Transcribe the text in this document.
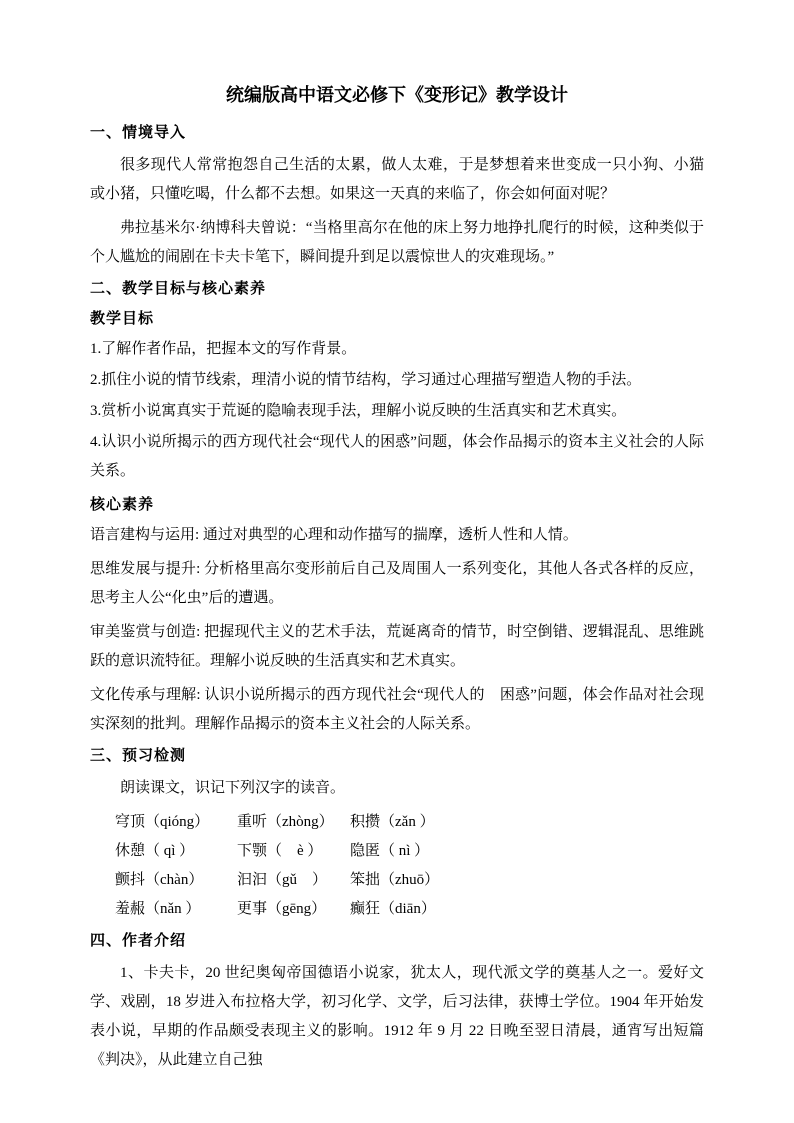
统编版高中语文必修下《变形记》教学设计
一、情境导入

很多现代人常常抱怨自己生活的太累，做人太难，于是梦想着来世变成一只小狗、小猫或小猪，只懂吃喝，什么都不去想。如果这一天真的来临了，你会如何面对呢？

弗拉基米尔·纳博科夫曾说：“当格里高尔在他的床上努力地挣扎爬行的时候，这种类似于个人尴尬的闹剧在卡夫卡笔下，瞬间提升到足以震惊世人的灾难现场。”

二、教学目标与核心素养
教学目标

1.了解作者作品，把握本文的写作背景。

2.抓住小说的情节线索，理清小说的情节结构，学习通过心理描写塑造人物的手法。

3.赏析小说寓真实于荒诞的隐喻表现手法，理解小说反映的生活真实和艺术真实。

4.认识小说所揭示的西方现代社会“现代人的困惑”问题，体会作品揭示的资本主义社会的人际关系。

核心素养

语言建构与运用: 通过对典型的心理和动作描写的揣摩，透析人性和人情。

思维发展与提升: 分析格里高尔变形前后自己及周围人一系列变化，其他人各式各样的反应，思考主人公“化虫”后的遭遇。

审美鉴赏与创造: 把握现代主义的艺术手法，荒诞离奇的情节，时空倒错、逻辑混乱、思维跳跃的意识流特征。理解小说反映的生活真实和艺术真实。

文化传承与理解: 认识小说所揭示的西方现代社会“现代人的　困惑”问题，体会作品对社会现实深刻的批判。理解作品揭示的资本主义社会的人际关系。

三、预习检测

朗读课文，识记下列汉字的读音。

穹顶（qióng）	重听（zhòng）	积攒（zǎn ）
休憩（ qì ）	下颚（　è ）	隐匿（ nì ）
颤抖（chàn）	汩汩（gǔ　）	笨拙（zhuō）
羞赧（nǎn ）	更事（gēng）	癫狂（diān）
四、作者介绍

1、卡夫卡，20 世纪奥匈帝国德语小说家，犹太人，现代派文学的奠基人之一。爱好文学、戏剧，18 岁进入布拉格大学，初习化学、文学，后习法律，获博士学位。1904 年开始发表小说，早期的作品颇受表现主义的影响。1912 年 9 月 22 日晚至翌日清晨，通宵写出短篇《判决》，从此建立自己独
